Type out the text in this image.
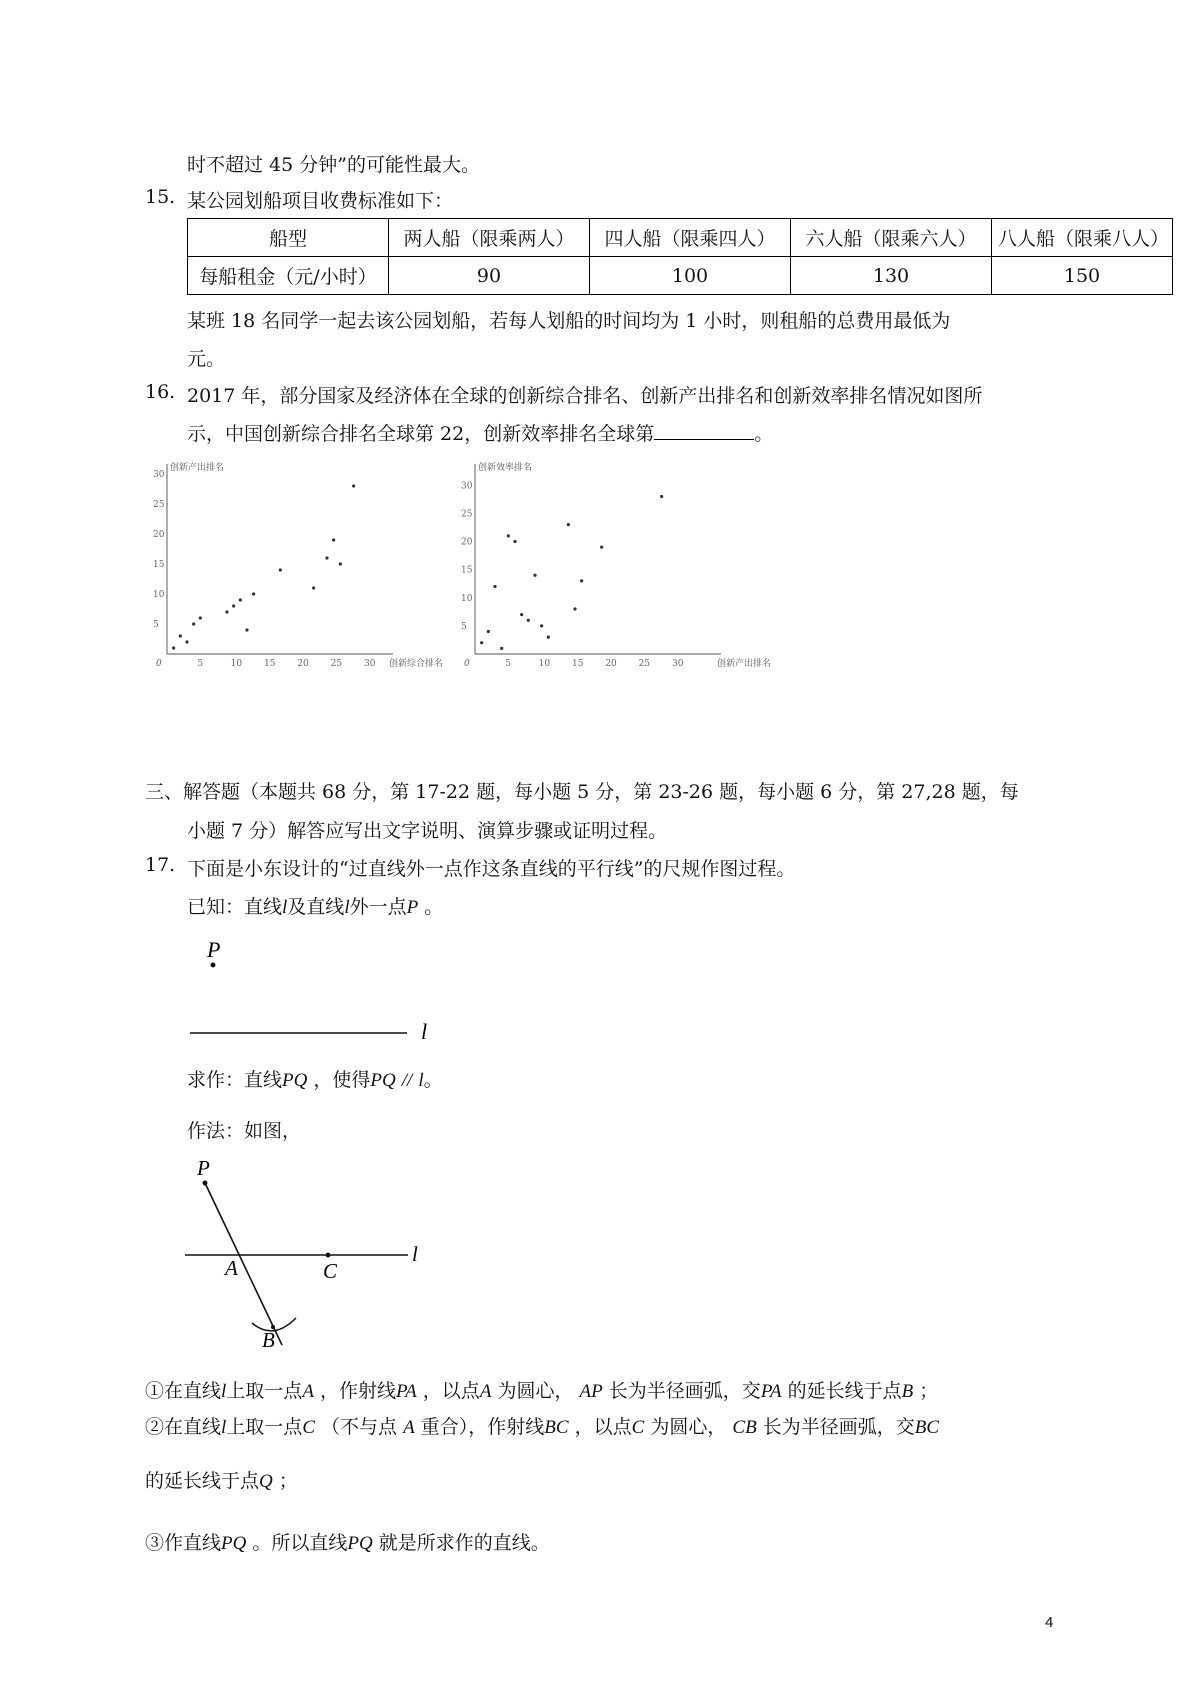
时不超过 45 分钟”的可能性最大。
15. 某公园划船项目收费标准如下：
船型	两人船（限乘两人）	四人船（限乘四人）	六人船（限乘六人）	八人船（限乘八人）
每船租金（元/小时）	90	100	130	150
某班 18 名同学一起去该公园划船，若每人划船的时间均为 1 小时，则租船的总费用最低为
元。
16. 2017 年，部分国家及经济体在全球的创新综合排名、创新产出排名和创新效率排名情况如图所
示，中国创新综合排名全球第 22，创新效率排名全球第	。
0	5	10 15 20 25 30
5
10
15
20
25
30
创新产出排名
创新综合排名 0	5	10 15 20 25 30
5
10
15
20
25
30
创新效率排名
创新产出排名
三、解答题（本题共 68 分，第 17-22 题，每小题 5 分，第 23-26 题，每小题 6 分，第 27,28 题，每
小题 7 分）解答应写出文字说明、演算步骤或证明过程。
17. 下面是小东设计的“过直线外一点作这条直线的平行线”的尺规作图过程。
已知：直线l及直线l外一点P 。
P
l
求作：直线PQ ，使得PQ // l。
作法：如图，
P
l
A	C
B
①在直线l上取一点A ，作射线PA ，以点A 为圆心， AP 长为半径画弧，交PA 的延长线于点B ；
②在直线l上取一点C （不与点 A 重合），作射线BC ，以点C 为圆心， CB 长为半径画弧，交BC
的延长线于点Q ；
③作直线PQ 。所以直线PQ 就是所求作的直线。
4
